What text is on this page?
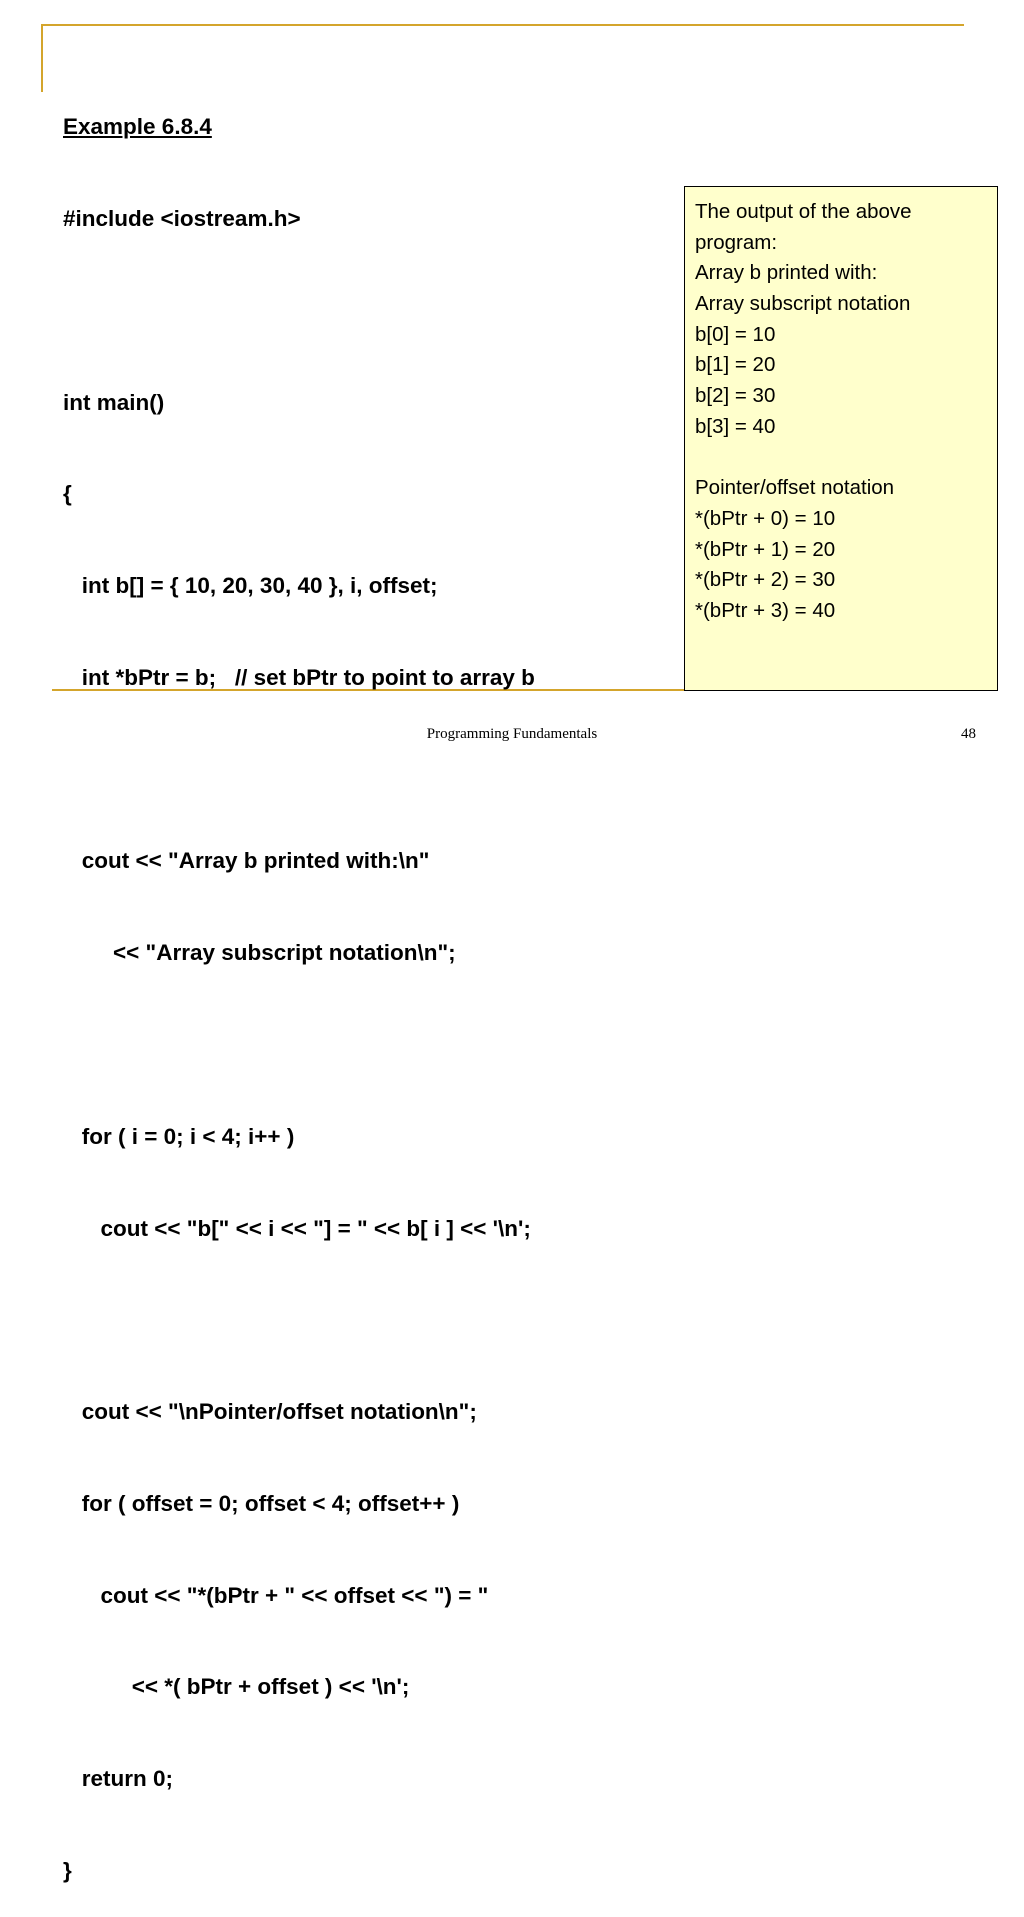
Example 6.8.4

#include <iostream.h>

int main()

{

int b[] = { 10, 20, 30, 40 }, i, offset;

int *bPtr = b;   // set bPtr to point to array b

cout << "Array b printed with:\n"

<< "Array subscript notation\n";

for ( i = 0; i < 4; i++ )

cout << "b[" << i << "] = " << b[ i ] << '\n';

cout << "\nPointer/offset notation\n";

for ( offset = 0; offset < 4; offset++ )

cout << "*(bPtr + " << offset << ") = "

<< *( bPtr + offset ) << '\n';

return 0;

}

The output of the above
program:
Array b printed with:
Array subscript notation
b[0] = 10
b[1] = 20
b[2] = 30
b[3] = 40
Pointer/offset notation
*(bPtr + 0) = 10
*(bPtr + 1) = 20
*(bPtr + 2) = 30
*(bPtr + 3) = 40
Programming Fundamentals	48
